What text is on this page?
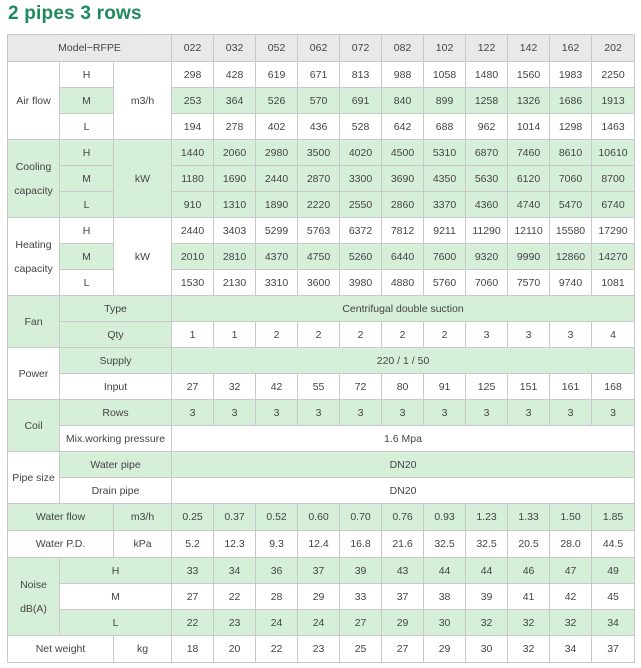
2 pipes 3 rows
Model−RFPE			022	032	052	062	072	082	102	122	142	162	202
Air flow	H	m3/h	298	428	619	671	813	988	1058	1480	1560	1983	2250
	M		253	364	526	570	691	840	899	1258	1326	1686	1913
	L		194	278	402	436	528	642	688	962	1014	1298	1463

Cooling
capacity	H	kW	1440	2060	2980	3500	4020	4500	5310	6870	7460	8610	10610
	M		1180	1690	2440	2870	3300	3690	4350	5630	6120	7060	8700
	L		910	1310	1890	2220	2550	2860	3370	4360	4740	5470	6740

Heating
capacity	H	kW	2440	3403	5299	5763	6372	7812	9211	11290	12110	15580	17290
	M		2010	2810	4370	4750	5260	6440	7600	9320	9990	12860	14270
	L		1530	2130	3310	3600	3980	4880	5760	7060	7570	9740	1081
Fan	Type		Centrifugal double suction										
	Qty		1	1	2	2	2	2	2	3	3	3	4
Power	Supply		220 / 1 / 50										
	Input		27	32	42	55	72	80	91	125	151	161	168
Coil	Rows		3	3	3	3	3	3	3	3	3	3	3
	Mix.working pressure		1.6 Mpa										
Pipe size	Water pipe		DN20										
	Drain pipe		DN20										
Water flow		m3/h	0.25	0.37	0.52	0.60	0.70	0.76	0.93	1.23	1.33	1.50	1.85
Water P.D.		kPa	5.2	12.3	9.3	12.4	16.8	21.6	32.5	32.5	20.5	28.0	44.5

Noise
dB(A)	H		33	34	36	37	39	43	44	44	46	47	49
	M		27	22	28	29	33	37	38	39	41	42	45
	L		22	23	24	24	27	29	30	32	32	32	34
Net weight		kg	18	20	22	23	25	27	29	30	32	34	37
